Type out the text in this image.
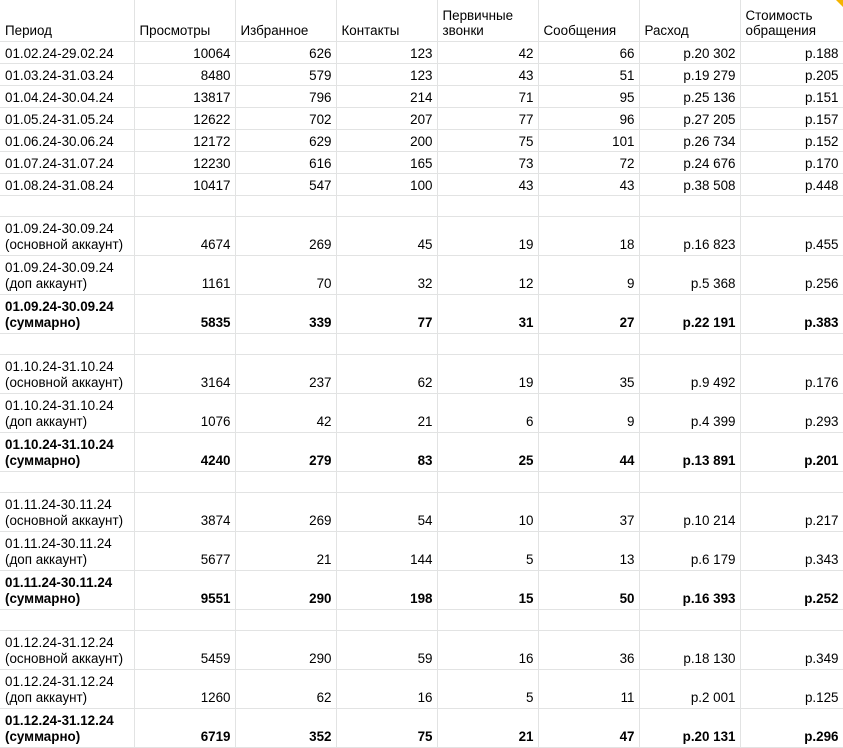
Период	Просмотры	Избранное	Контакты	Первичные звонки	Сообщения	Расход	Стоимость обращения

01.02.24-29.02.24	10064	626	123	42	66	р.20 302	р.188

01.03.24-31.03.24	8480	579	123	43	51	р.19 279	р.205

01.04.24-30.04.24	13817	796	214	71	95	р.25 136	р.151

01.05.24-31.05.24	12622	702	207	77	96	р.27 205	р.157

01.06.24-30.06.24	12172	629	200	75	101	р.26 734	р.152

01.07.24-31.07.24	12230	616	165	73	72	р.24 676	р.170

01.08.24-31.08.24	10417	547	100	43	43	р.38 508	р.448

01.09.24-30.09.24
(основной аккаунт)	4674	269	45	19	18	р.16 823	р.455

01.09.24-30.09.24
(доп аккаунт)	1161	70	32	12	9	р.5 368	р.256

01.09.24-30.09.24
(суммарно)	5835	339	77	31	27	р.22 191	р.383

01.10.24-31.10.24
(основной аккаунт)	3164	237	62	19	35	р.9 492	р.176

01.10.24-31.10.24
(доп аккаунт)	1076	42	21	6	9	р.4 399	р.293

01.10.24-31.10.24
(суммарно)	4240	279	83	25	44	р.13 891	р.201

01.11.24-30.11.24
(основной аккаунт)	3874	269	54	10	37	р.10 214	р.217

01.11.24-30.11.24
(доп аккаунт)	5677	21	144	5	13	р.6 179	р.343

01.11.24-30.11.24
(суммарно)	9551	290	198	15	50	р.16 393	р.252

01.12.24-31.12.24
(основной аккаунт)	5459	290	59	16	36	р.18 130	р.349

01.12.24-31.12.24
(доп аккаунт)	1260	62	16	5	11	р.2 001	р.125

01.12.24-31.12.24
(суммарно)	6719	352	75	21	47	р.20 131	р.296
